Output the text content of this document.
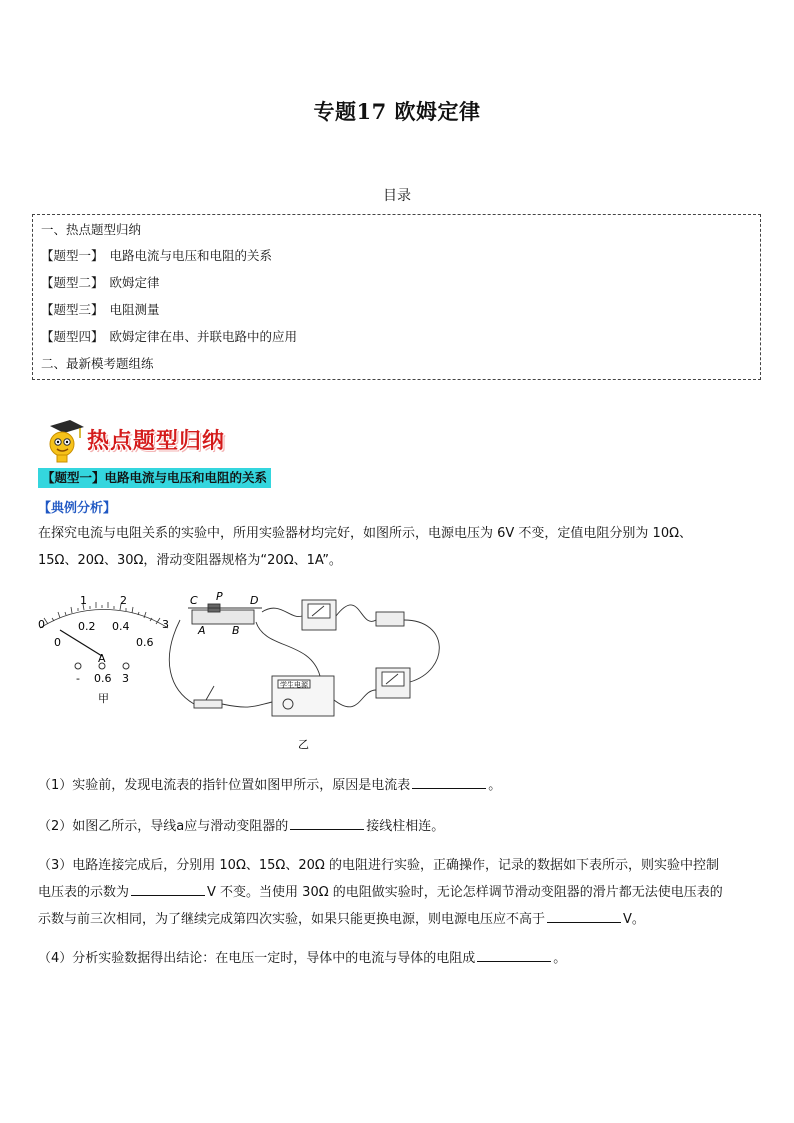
专题17 欧姆定律
目录
一、热点题型归纳
【题型一】 电路电流与电压和电阻的关系
【题型二】 欧姆定律
【题型三】 电阻测量
【题型四】 欧姆定律在串、并联电路中的应用
二、最新模考题组练
热点题型归纳
【题型一】电路电流与电压和电阻的关系
【典例分析】
在探究电流与电阻关系的实验中，所用实验器材均完好，如图所示，电源电压为 6V 不变，定值电阻分别为 10Ω、
15Ω、20Ω、30Ω，滑动变阻器规格为“20Ω、1A”。
0
1	2
3
0
0.2 0.4
0.6
A
- 0.6 3
甲
C P D
A B
学生电源
乙
（1）实验前，发现电流表的指针位置如图甲所示，原因是电流表	。
（2）如图乙所示，导线a应与滑动变阻器的	接线柱相连。
（3）电路连接完成后，分别用 10Ω、15Ω、20Ω 的电阻进行实验，正确操作，记录的数据如下表所示，则实验中控制
电压表的示数为	V 不变。当使用 30Ω 的电阻做实验时，无论怎样调节滑动变阻器的滑片都无法使电压表的
示数与前三次相同，为了继续完成第四次实验，如果只能更换电源，则电源电压应不高于	V。
（4）分析实验数据得出结论：在电压一定时，导体中的电流与导体的电阻成	。
